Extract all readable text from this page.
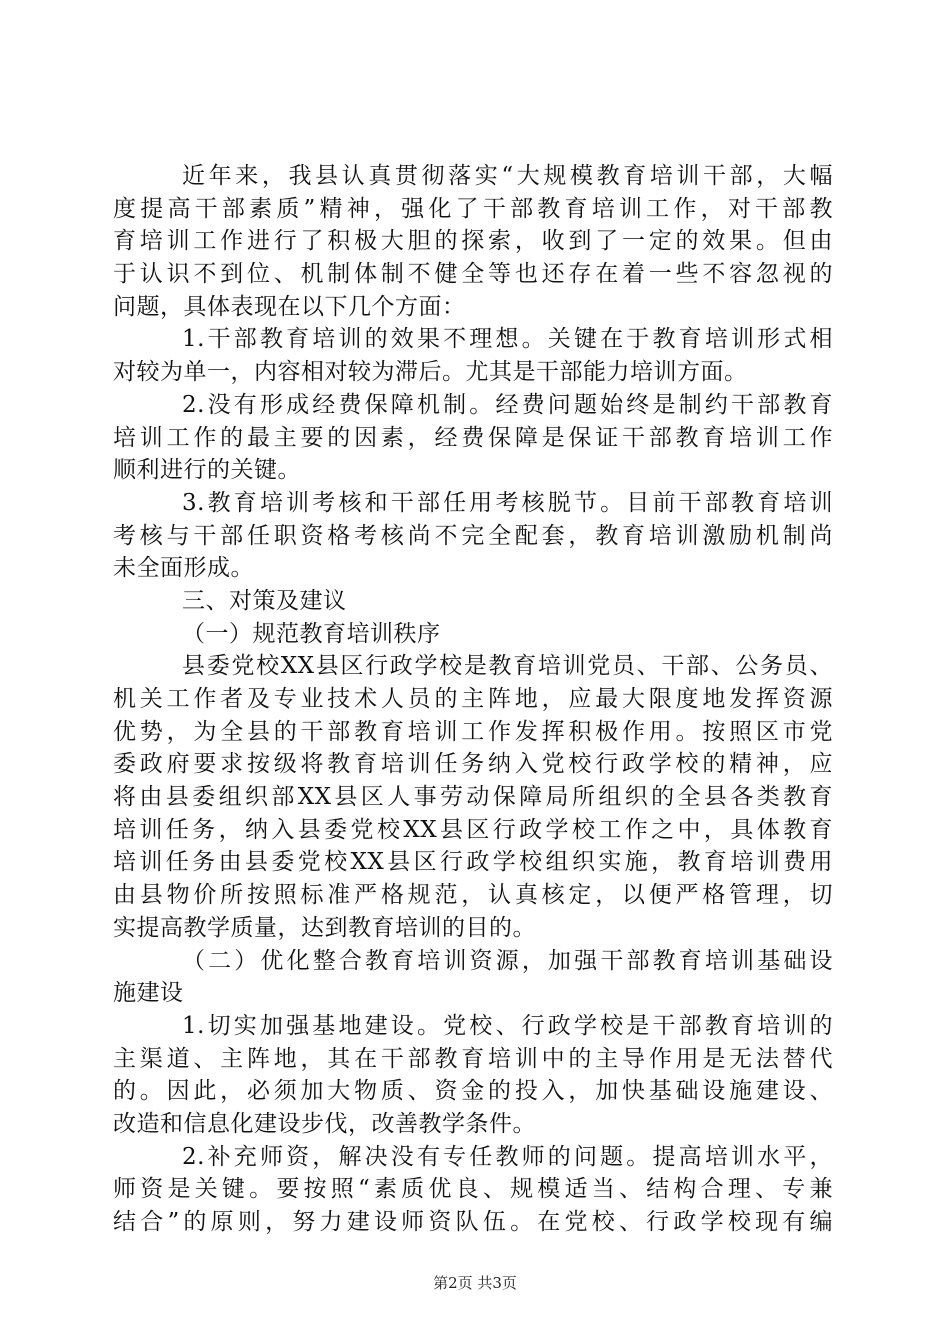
近年来，我县认真贯彻落实“大规模教育培训干部，大幅
度提高干部素质”精神，强化了干部教育培训工作，对干部教
育培训工作进行了积极大胆的探索，收到了一定的效果。但由
于认识不到位、机制体制不健全等也还存在着一些不容忽视的
问题，具体表现在以下几个方面：
1.干部教育培训的效果不理想。关键在于教育培训形式相
对较为单一，内容相对较为滞后。尤其是干部能力培训方面。
2.没有形成经费保障机制。经费问题始终是制约干部教育
培训工作的最主要的因素，经费保障是保证干部教育培训工作
顺利进行的关键。
3.教育培训考核和干部任用考核脱节。目前干部教育培训
考核与干部任职资格考核尚不完全配套，教育培训激励机制尚
未全面形成。
三、对策及建议
（一）规范教育培训秩序
县委党校XX县区行政学校是教育培训党员、干部、公务员、
机关工作者及专业技术人员的主阵地，应最大限度地发挥资源
优势，为全县的干部教育培训工作发挥积极作用。按照区市党
委政府要求按级将教育培训任务纳入党校行政学校的精神，应
将由县委组织部XX县区人事劳动保障局所组织的全县各类教育
培训任务，纳入县委党校XX县区行政学校工作之中，具体教育
培训任务由县委党校XX县区行政学校组织实施，教育培训费用
由县物价所按照标准严格规范，认真核定，以便严格管理，切
实提高教学质量，达到教育培训的目的。
（二）优化整合教育培训资源，加强干部教育培训基础设
施建设
1.切实加强基地建设。党校、行政学校是干部教育培训的
主渠道、主阵地，其在干部教育培训中的主导作用是无法替代
的。因此，必须加大物质、资金的投入，加快基础设施建设、
改造和信息化建设步伐，改善教学条件。
2.补充师资，解决没有专任教师的问题。提高培训水平，
师资是关键。要按照“素质优良、规模适当、结构合理、专兼
结合”的原则，努力建设师资队伍。在党校、行政学校现有编
第2页 共3页
